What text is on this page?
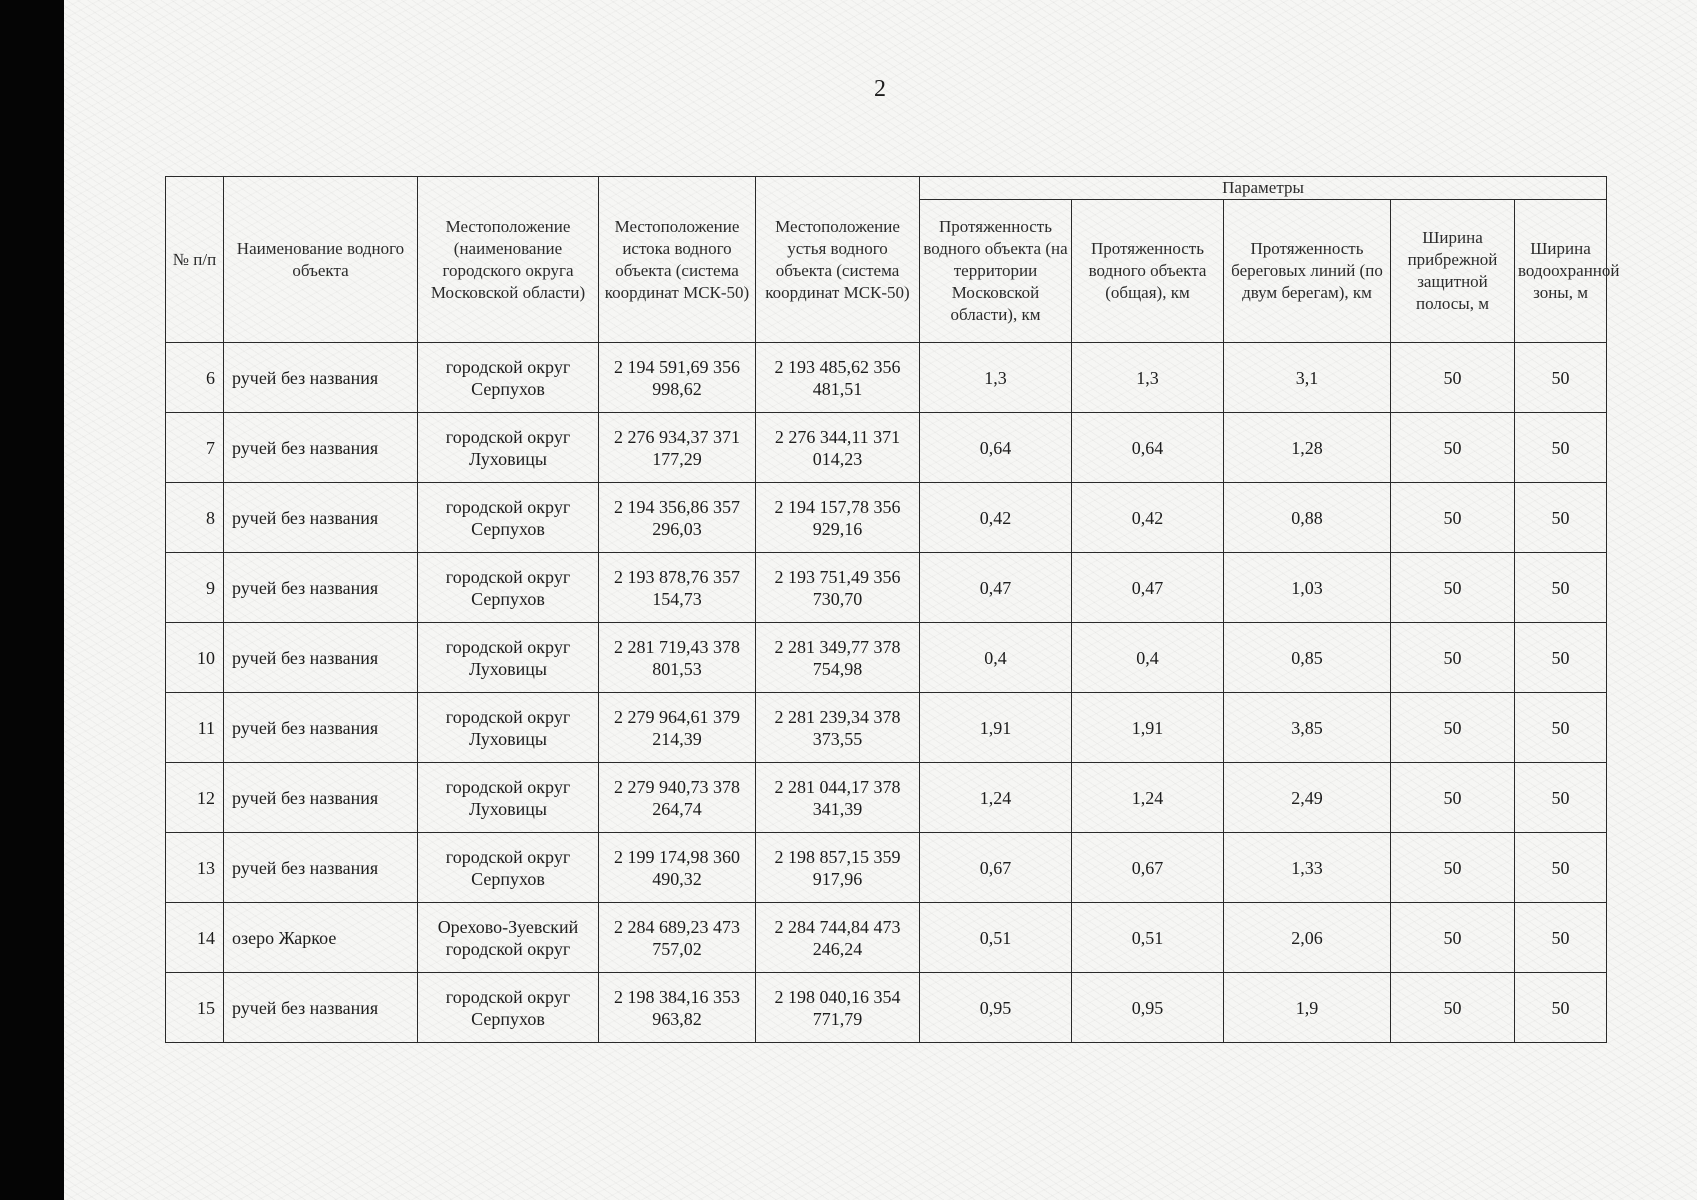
2
№ п/п	Наименование водного объекта	Местоположение (наименование городского округа Московской области)	Местоположение истока водного объекта (система координат МСК-50)	Местоположение устья водного объекта (система координат МСК-50)	Параметры				
					Протяженность водного объекта (на территории Московской области), км	Протяженность водного объекта (общая), км	Протяженность береговых линий (по двум берегам), км	Ширина прибрежной защитной полосы, м	Ширина водоохранной зоны, м
6	ручей без названия	городской округ Серпухов	2 194 591,69 356 998,62	2 193 485,62 356 481,51	1,3	1,3	3,1	50	50
7	ручей без названия	городской округ Луховицы	2 276 934,37 371 177,29	2 276 344,11 371 014,23	0,64	0,64	1,28	50	50
8	ручей без названия	городской округ Серпухов	2 194 356,86 357 296,03	2 194 157,78 356 929,16	0,42	0,42	0,88	50	50
9	ручей без названия	городской округ Серпухов	2 193 878,76 357 154,73	2 193 751,49 356 730,70	0,47	0,47	1,03	50	50
10	ручей без названия	городской округ Луховицы	2 281 719,43 378 801,53	2 281 349,77 378 754,98	0,4	0,4	0,85	50	50
11	ручей без названия	городской округ Луховицы	2 279 964,61 379 214,39	2 281 239,34 378 373,55	1,91	1,91	3,85	50	50
12	ручей без названия	городской округ Луховицы	2 279 940,73 378 264,74	2 281 044,17 378 341,39	1,24	1,24	2,49	50	50
13	ручей без названия	городской округ Серпухов	2 199 174,98 360 490,32	2 198 857,15 359 917,96	0,67	0,67	1,33	50	50
14	озеро Жаркое	Орехово-Зуевский городской округ	2 284 689,23 473 757,02	2 284 744,84 473 246,24	0,51	0,51	2,06	50	50
15	ручей без названия	городской округ Серпухов	2 198 384,16 353 963,82	2 198 040,16 354 771,79	0,95	0,95	1,9	50	50
